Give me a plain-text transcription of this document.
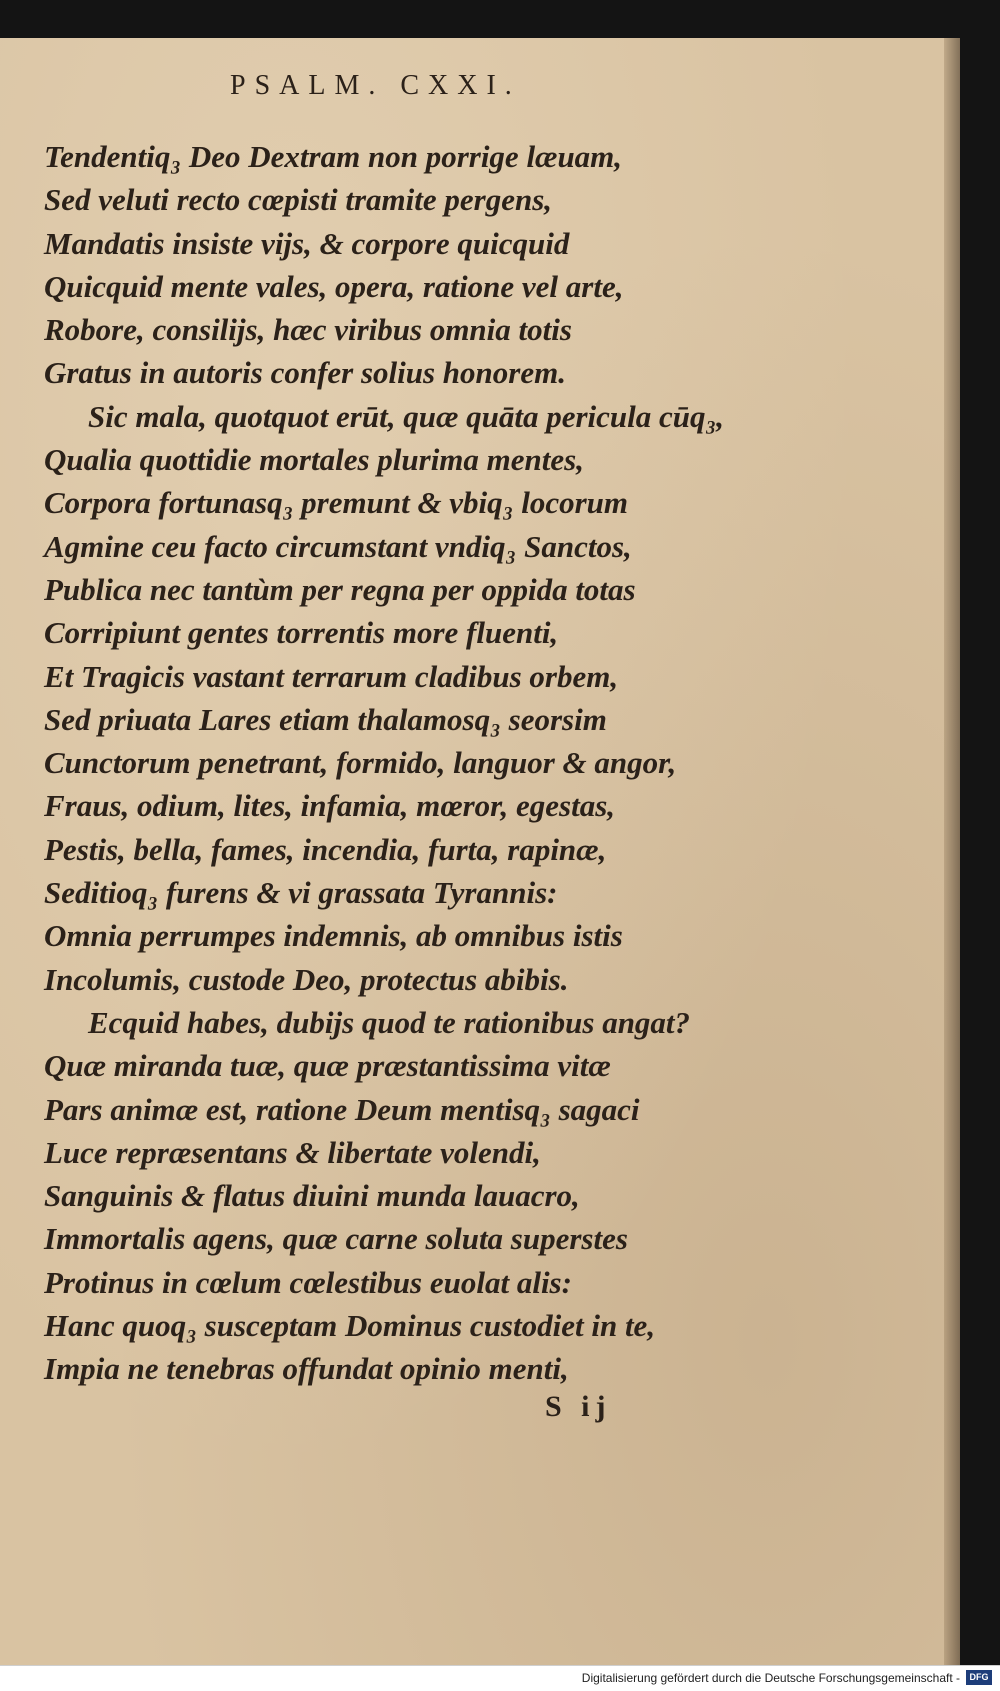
PSALM. CXXI.
Tendentiq₃ Deo Dextram non porrige læuam,
Sed veluti recto cœpisti tramite pergens,
Mandatis insiste vijs, & corpore quicquid
Quicquid mente vales, opera, ratione vel arte,
Robore, consilijs, hæc viribus omnia totis
Gratus in autoris confer solius honorem.
Sic mala, quotquot erūt, quæ quāta pericula cūq₃,
Qualia quottidie mortales plurima mentes,
Corpora fortunasq₃ premunt & vbiq₃ locorum
Agmine ceu facto circumstant vndiq₃ Sanctos,
Publica nec tantùm per regna per oppida totas
Corripiunt gentes torrentis more fluenti,
Et Tragicis vastant terrarum cladibus orbem,
Sed priuata Lares etiam thalamosq₃ seorsim
Cunctorum penetrant, formido, languor & angor,
Fraus, odium, lites, infamia, mœror, egestas,
Pestis, bella, fames, incendia, furta, rapinæ,
Seditioq₃ furens & vi grassata Tyrannis:
Omnia perrumpes indemnis, ab omnibus istis
Incolumis, custode Deo, protectus abibis.
Ecquid habes, dubijs quod te rationibus angat?
Quæ miranda tuæ, quæ præstantissima vitæ
Pars animæ est, ratione Deum mentisq₃ sagaci
Luce repræsentans & libertate volendi,
Sanguinis & flatus diuini munda lauacro,
Immortalis agens, quæ carne soluta superstes
Protinus in cœlum cœlestibus euolat alis:
Hanc quoq₃ susceptam Dominus custodiet in te,
Impia ne tenebras offundat opinio menti,
S ij
Digitalisierung gefördert durch die Deutsche Forschungsgemeinschaft -	DFG
